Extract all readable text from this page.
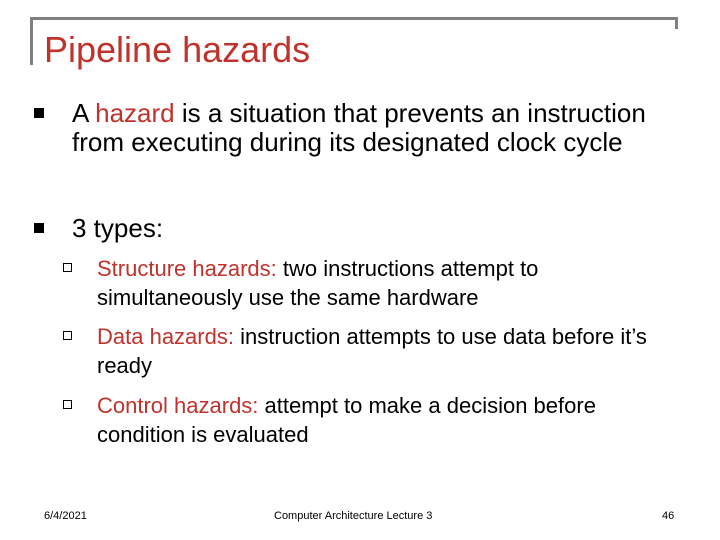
Pipeline hazards
A hazard is a situation that prevents an instruction from executing during its designated clock cycle
3 types:
Structure hazards: two instructions attempt to simultaneously use the same hardware
Data hazards: instruction attempts to use data before it’s ready
Control hazards: attempt to make a decision before condition is evaluated
6/4/2021	Computer Architecture Lecture 3	46
